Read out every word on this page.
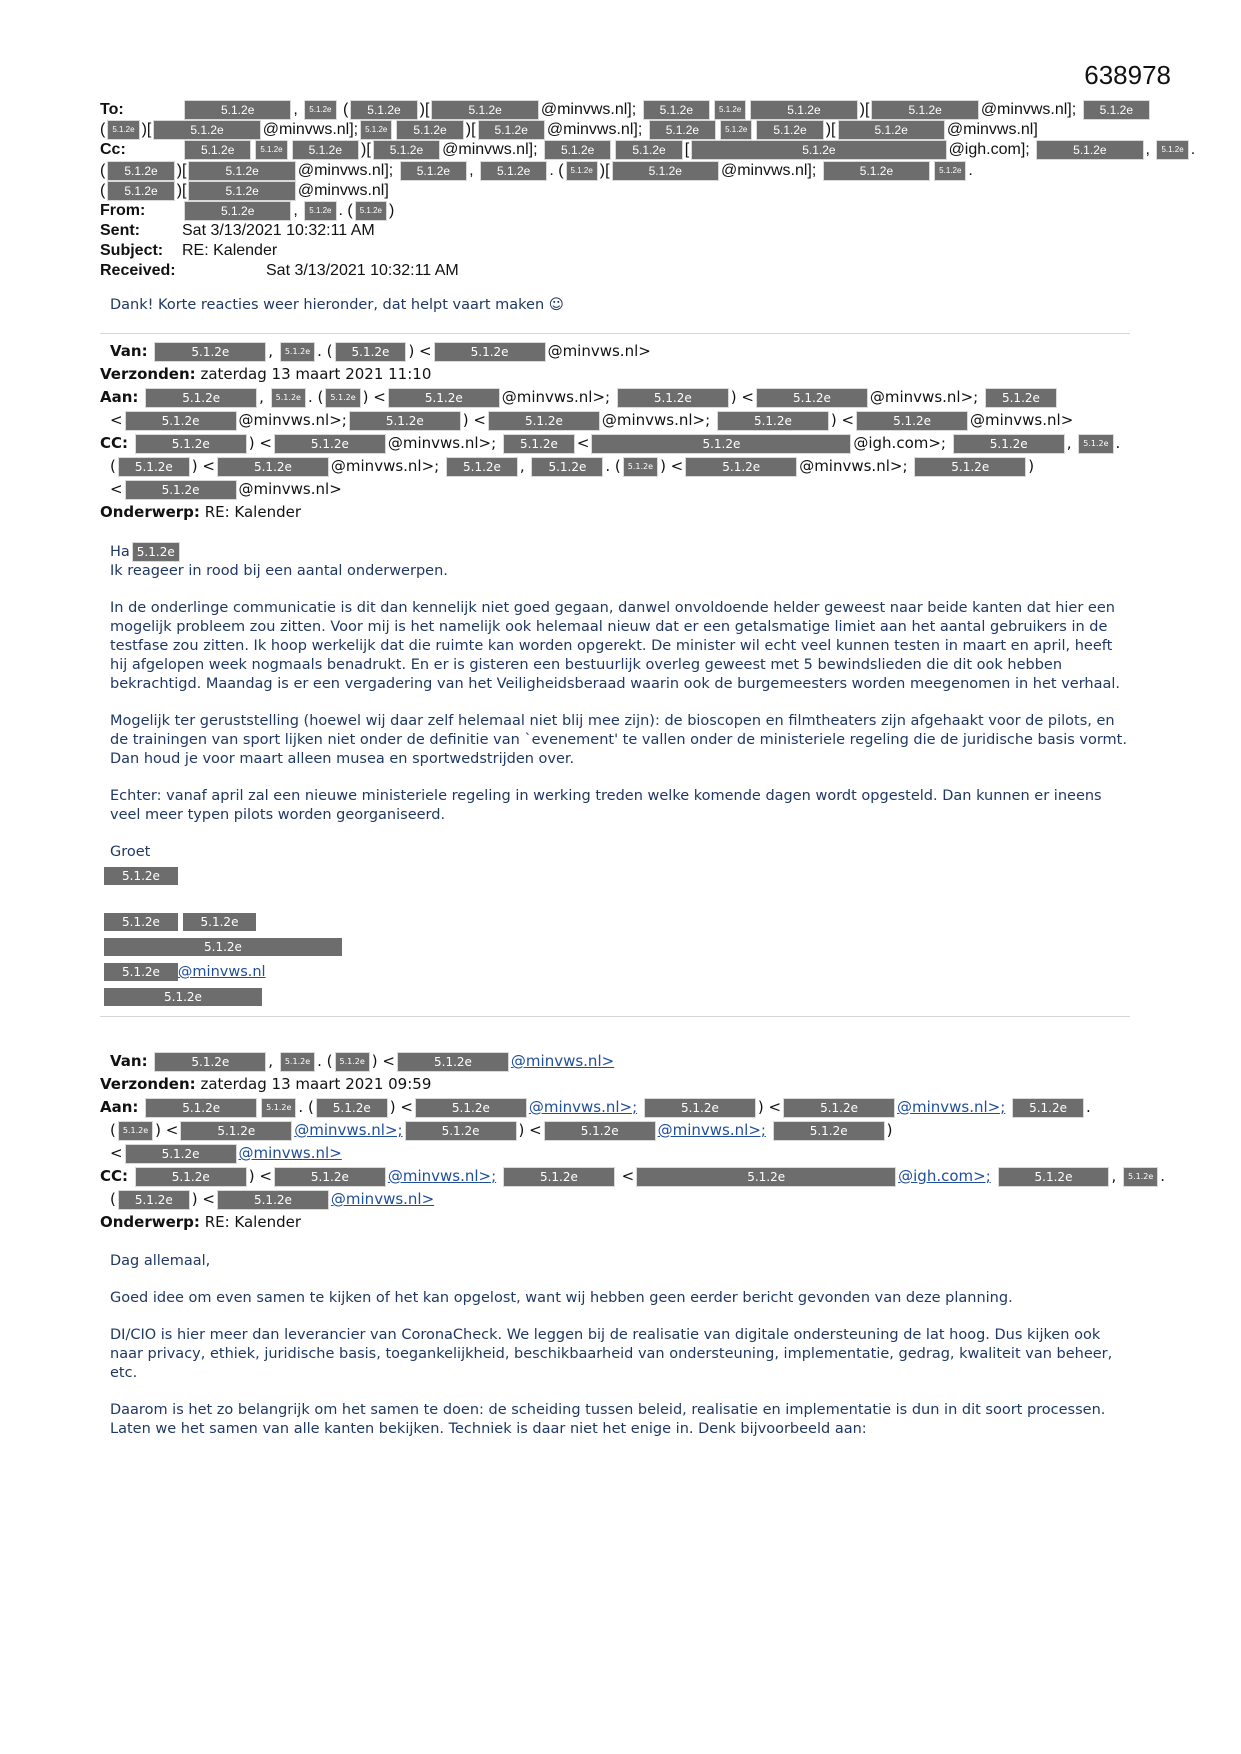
638978
To:	5.1.2e , 5.1.2e ( 5.1.2e )[	5.1.2e @minvws.nl]; 5.1.2e	5.1.2e	5.1.2e )[	5.1.2e @minvws.nl]; 5.1.2e
( 5.1.2e )[	5.1.2e @minvws.nl]; 5.1.2e 5.1.2e )[ 5.1.2e @minvws.nl]; 5.1.2e	5.1.2e 5.1.2e )[	5.1.2e @minvws.nl]
Cc:	5.1.2e	5.1.2e 5.1.2e )[ 5.1.2e @minvws.nl]; 5.1.2e	5.1.2e [	5.1.2e	@igh.com];	5.1.2e , 5.1.2e .
( 5.1.2e )[	5.1.2e @minvws.nl]; 5.1.2e , 5.1.2e . ( 5.1.2e )[	5.1.2e @minvws.nl];	5.1.2e	5.1.2e .
( 5.1.2e )[	5.1.2e @minvws.nl]
From:	5.1.2e , 5.1.2e . ( 5.1.2e )
Sent:	Sat 3/13/2021 10:32:11 AM
Subject:	RE: Kalender
Received:	Sat 3/13/2021 10:32:11 AM

Dank! Korte reacties weer hieronder, dat helpt vaart maken ☺

Van:	5.1.2e	, 5.1.2e . ( 5.1.2e ) <	5.1.2e	@minvws.nl>
Verzonden: zaterdag 13 maart 2021 11:10
Aan:	5.1.2e	, 5.1.2e . ( 5.1.2e ) <	5.1.2e	@minvws.nl>;	5.1.2e	) <	5.1.2e	@minvws.nl>; 5.1.2e
<	5.1.2e	@minvws.nl>;	5.1.2e	) <	5.1.2e	@minvws.nl>;	5.1.2e	) <	5.1.2e	@minvws.nl>
CC:	5.1.2e	) <	5.1.2e	@minvws.nl>; 5.1.2e <	5.1.2e	@igh.com>;	5.1.2e	, 5.1.2e .
( 5.1.2e ) <	5.1.2e	@minvws.nl>; 5.1.2e , 5.1.2e . ( 5.1.2e ) <	5.1.2e	@minvws.nl>;	5.1.2e	)
<	5.1.2e	@minvws.nl>
Onderwerp: RE: Kalender

Ha 5.1.2e

Ik reageer in rood bij een aantal onderwerpen.

In de onderlinge communicatie is dit dan kennelijk niet goed gegaan, danwel onvoldoende helder geweest naar beide kanten dat hier een mogelijk probleem zou zitten. Voor mij is het namelijk ook helemaal nieuw dat er een getalsmatige limiet aan het aantal gebruikers in de testfase zou zitten. Ik hoop werkelijk dat die ruimte kan worden opgerekt. De minister wil echt veel kunnen testen in maart en april, heeft hij afgelopen week nogmaals benadrukt. En er is gisteren een bestuurlijk overleg geweest met 5 bewindslieden die dit ook hebben bekrachtigd. Maandag is er een vergadering van het Veiligheidsberaad waarin ook de burgemeesters worden meegenomen in het verhaal.

Mogelijk ter geruststelling (hoewel wij daar zelf helemaal niet blij mee zijn): de bioscopen en filmtheaters zijn afgehaakt voor de pilots, en de trainingen van sport lijken niet onder de definitie van `evenement' te vallen onder de ministeriele regeling die de juridische basis vormt. Dan houd je voor maart alleen musea en sportwedstrijden over.

Echter: vanaf april zal een nieuwe ministeriele regeling in werking treden welke komende dagen wordt opgesteld. Dan kunnen er ineens veel meer typen pilots worden georganiseerd.

Groet

5.1.2e
5.1.2e	5.1.2e
5.1.2e
5.1.2e @minvws.nl
5.1.2e
Van:	5.1.2e	, 5.1.2e . ( 5.1.2e ) <	5.1.2e	@minvws.nl>
Verzonden: zaterdag 13 maart 2021 09:59
Aan:	5.1.2e	5.1.2e . ( 5.1.2e ) <	5.1.2e	@minvws.nl>;	5.1.2e	) <	5.1.2e	@minvws.nl>; 5.1.2e .
( 5.1.2e ) <	5.1.2e	@minvws.nl>;	5.1.2e	) <	5.1.2e	@minvws.nl>;	5.1.2e	)
<	5.1.2e	@minvws.nl>
CC:	5.1.2e	) <	5.1.2e	@minvws.nl>;	5.1.2e	<	5.1.2e	@igh.com>;	5.1.2e	, 5.1.2e .
( 5.1.2e ) <	5.1.2e	@minvws.nl>
Onderwerp: RE: Kalender

Dag allemaal,

Goed idee om even samen te kijken of het kan opgelost, want wij hebben geen eerder bericht gevonden van deze planning.

DI/CIO is hier meer dan leverancier van CoronaCheck. We leggen bij de realisatie van digitale ondersteuning de lat hoog. Dus kijken ook naar privacy, ethiek, juridische basis, toegankelijkheid, beschikbaarheid van ondersteuning, implementatie, gedrag, kwaliteit van beheer, etc.

Daarom is het zo belangrijk om het samen te doen: de scheiding tussen beleid, realisatie en implementatie is dun in dit soort processen. Laten we het samen van alle kanten bekijken. Techniek is daar niet het enige in. Denk bijvoorbeeld aan:
